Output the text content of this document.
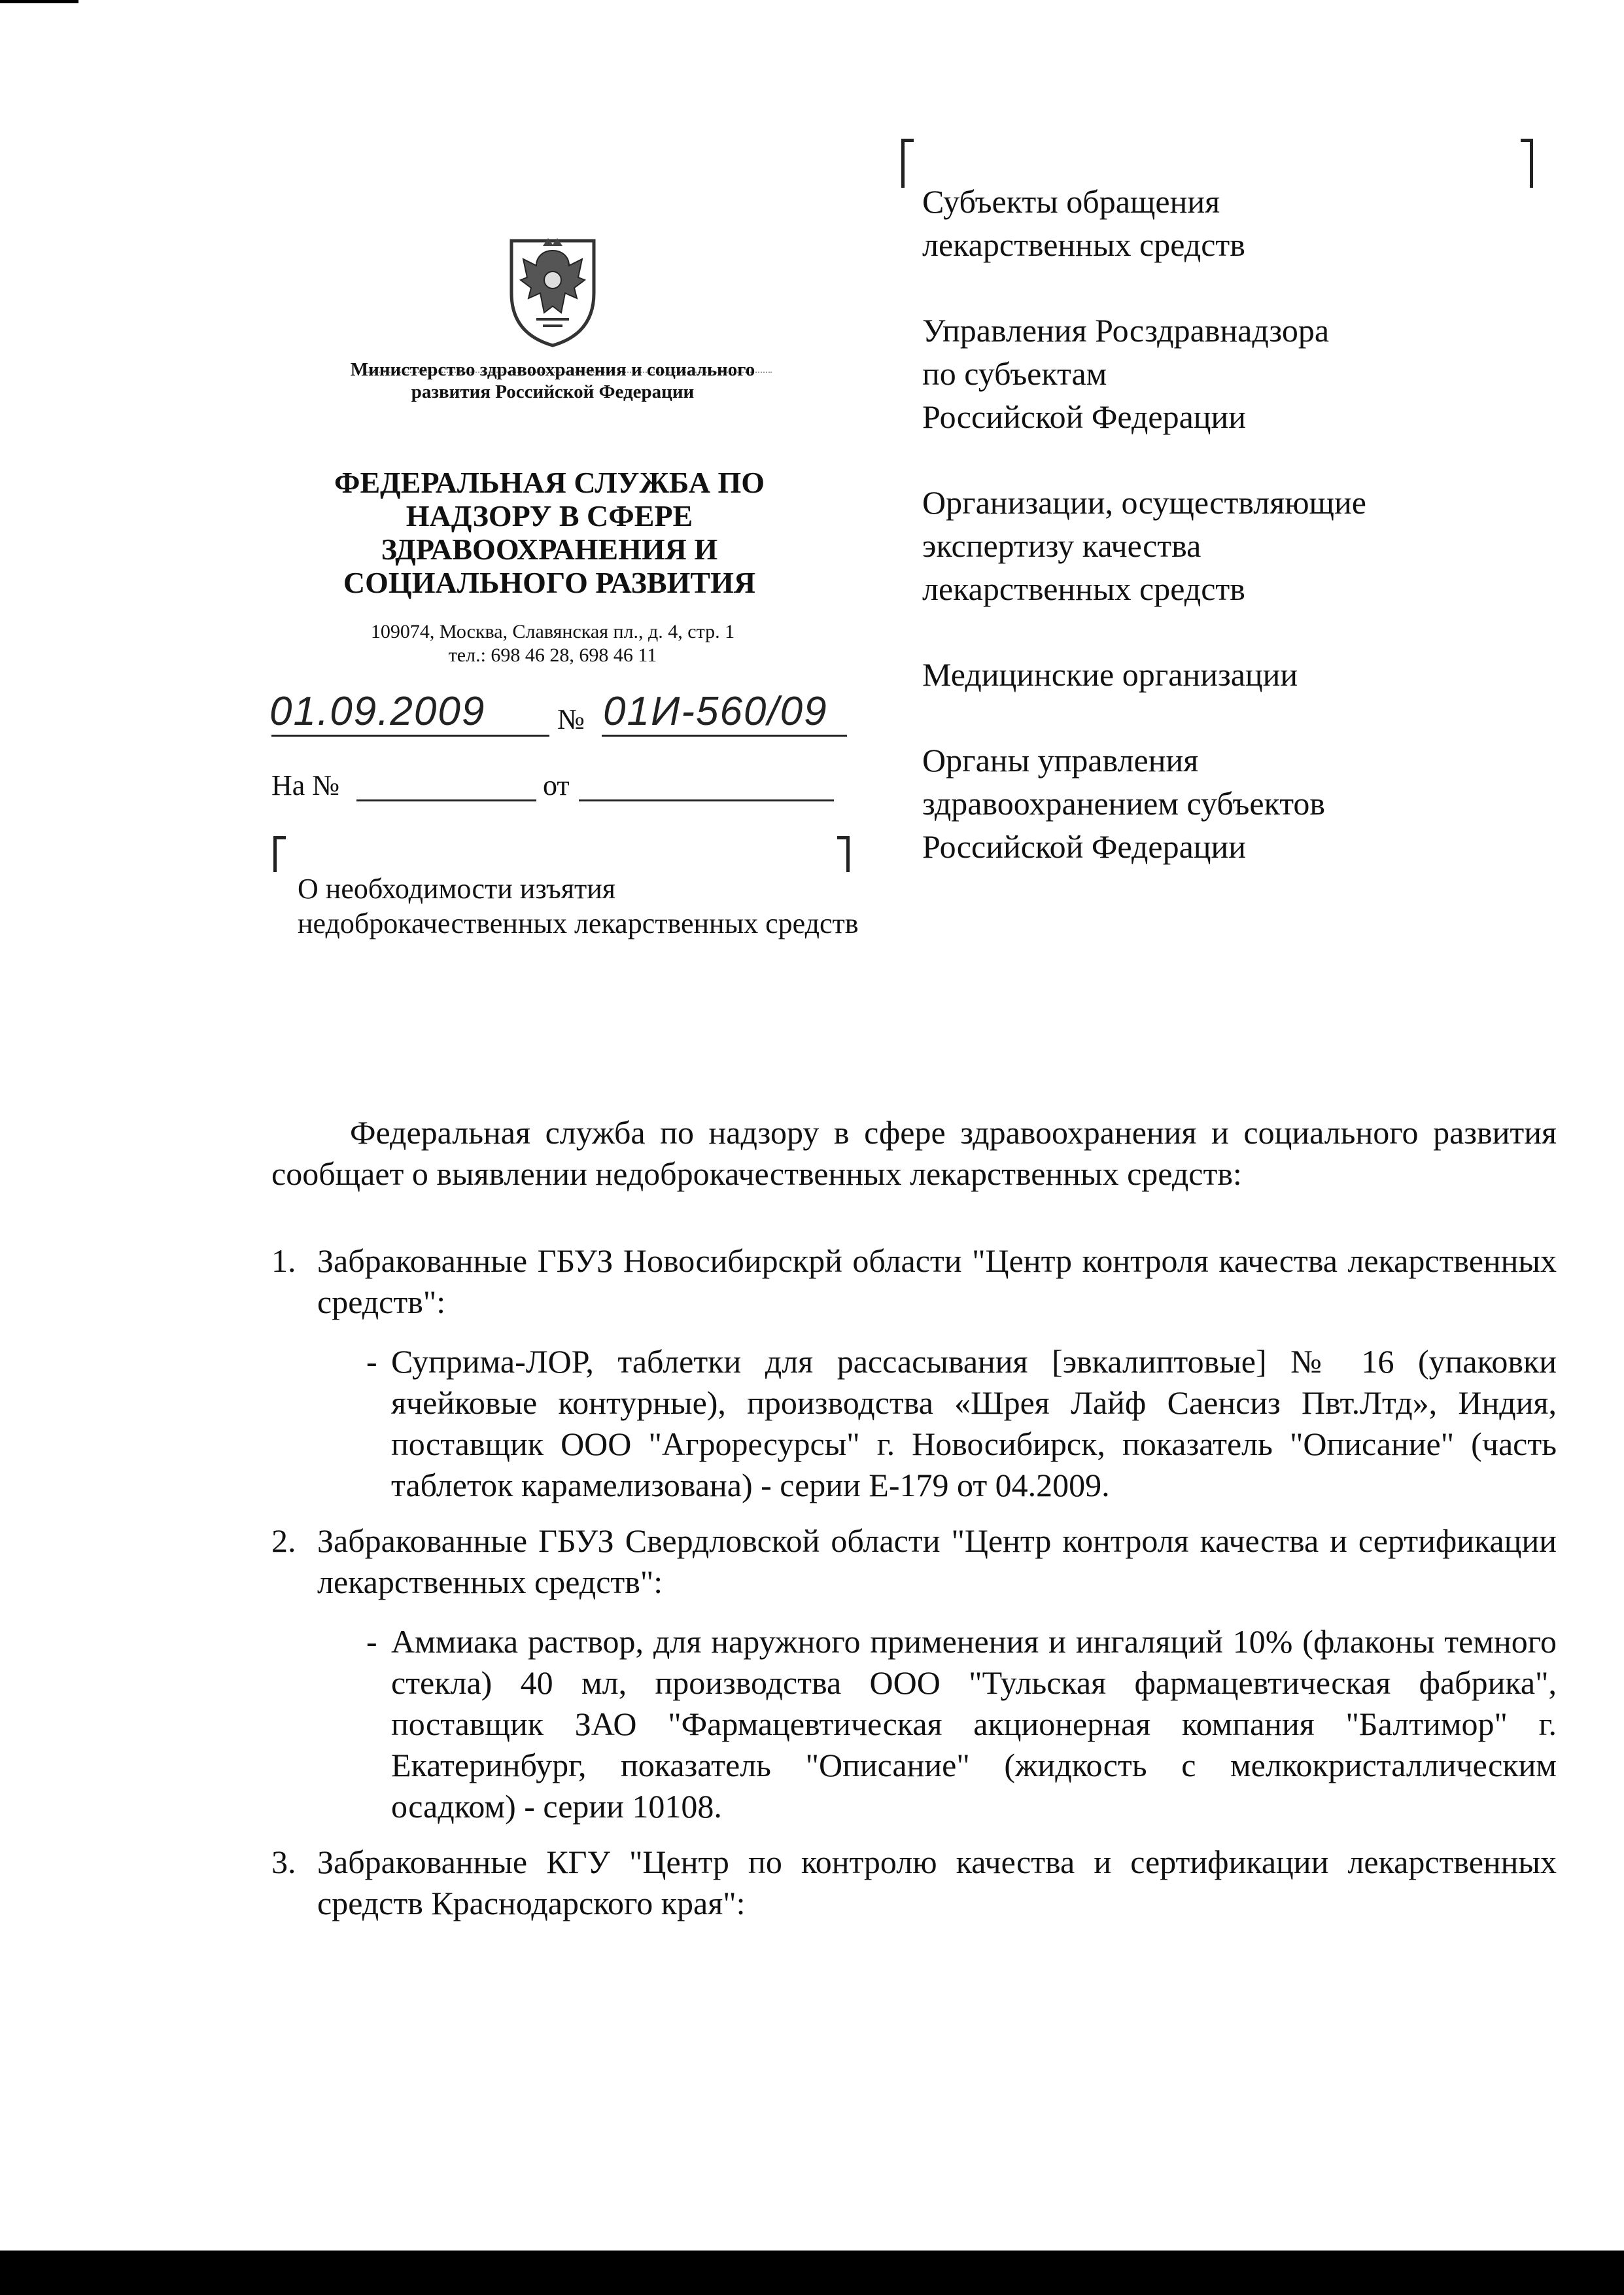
Министерство здравоохранения и социального развития Российской Федерации
ФЕДЕРАЛЬНАЯ СЛУЖБА ПО НАДЗОРУ В СФЕРЕ ЗДРАВООХРАНЕНИЯ И СОЦИАЛЬНОГО РАЗВИТИЯ
109074, Москва, Славянская пл., д. 4, стр. 1
тел.: 698 46 28, 698 46 11
01.09.2009 № 01И-560/09
На №	от
О необходимости изъятия недоброкачественных лекарственных средств

Субъекты обращения
лекарственных средств

Управления Росздравнадзора
по субъектам
Российской Федерации

Организации, осуществляющие
экспертизу качества
лекарственных средств

Медицинские организации

Органы управления
здравоохранением субъектов
Российской Федерации

Федеральная служба по надзору в сфере здравоохранения и социального развития сообщает о выявлении недоброкачественных лекарственных средств:

1. Забракованные ГБУЗ Новосибирскрй области "Центр контроля качества лекарственных средств":

- Суприма-ЛОР, таблетки для рассасывания [эвкалиптовые] № 16 (упаковки ячейковые контурные), производства «Шрея Лайф Саенсиз Пвт.Лтд», Индия, поставщик ООО "Агроресурсы" г. Новосибирск, показатель "Описание" (часть таблеток карамелизована) - серии Е-179 от 04.2009.

2. Забракованные ГБУЗ Свердловской области "Центр контроля качества и сертификации лекарственных средств":

- Аммиака раствор, для наружного применения и ингаляций 10% (флаконы темного стекла) 40 мл, производства ООО "Тульская фармацевтическая фабрика", поставщик ЗАО "Фармацевтическая акционерная компания "Балтимор" г. Екатеринбург, показатель "Описание" (жидкость с мелкокристаллическим осадком) - серии 10108.

3. Забракованные КГУ "Центр по контролю качества и сертификации лекарственных средств Краснодарского края":
